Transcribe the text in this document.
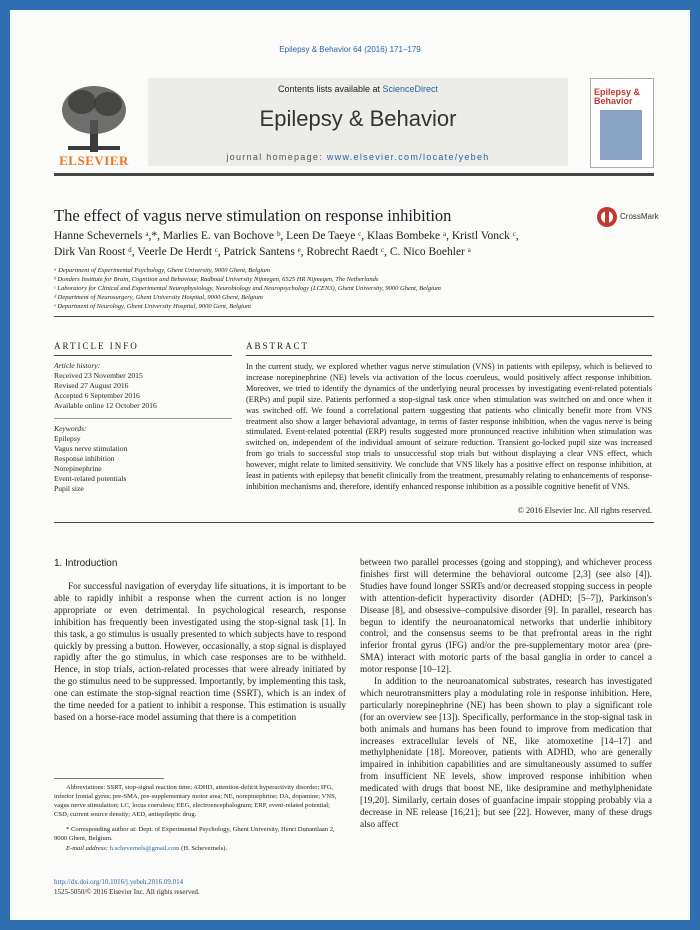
Epilepsy & Behavior 64 (2016) 171–179
ELSEVIER
Contents lists available at ScienceDirect
Epilepsy & Behavior
journal homepage: www.elsevier.com/locate/yebeh
Epilepsy & Behavior
The effect of vagus nerve stimulation on response inhibition	CrossMark
Hanne Schevernels ᵃ,*, Marlies E. van Bochove ᵇ, Leen De Taeye ᶜ, Klaas Bombeke ᵃ, Kristl Vonck ᶜ,
Dirk Van Roost ᵈ, Veerle De Herdt ᶜ, Patrick Santens ᵉ, Robrecht Raedt ᶜ, C. Nico Boehler ᵃ
ᵃ Department of Experimental Psychology, Ghent University, 9000 Ghent, Belgium
ᵇ Donders Institute for Brain, Cognition and Behaviour, Radboud University Nijmegen, 6525 HR Nijmegen, The Netherlands
ᶜ Laboratory for Clinical and Experimental Neurophysiology, Neurobiology and Neuropsychology (LCEN3), Ghent University, 9000 Ghent, Belgium
ᵈ Department of Neurosurgery, Ghent University Hospital, 9000 Ghent, Belgium
ᵉ Department of Neurology, Ghent University Hospital, 9000 Gent, Belgium
ARTICLE INFO
Article history:
Received 23 November 2015
Revised 27 August 2016
Accepted 6 September 2016
Available online 12 October 2016
Keywords:
Epilepsy
Vagus nerve stimulation
Response inhibition
Norepinephrine
Event-related potentials
Pupil size
ABSTRACT
In the current study, we explored whether vagus nerve stimulation (VNS) in patients with epilepsy, which is believed to increase norepinephrine (NE) levels via activation of the locus coeruleus, would positively affect response inhibition. Moreover, we tried to identify the dynamics of the underlying neural processes by investigating event-related potentials (ERPs) and pupil size. Patients performed a stop-signal task once when stimulation was switched on and once when it was switched off. We found a correlational pattern suggesting that patients who clinically benefit more from VNS treatment also show a larger behavioral advantage, in terms of faster response inhibition, when the vagus nerve is being stimulated. Event-related potential (ERP) results suggested more pronounced reactive inhibition when stimulation was switched on, independent of the individual amount of seizure reduction. Transient go-locked pupil size was increased from go trials to successful stop trials to unsuccessful stop trials but without displaying a clear VNS effect, which however, might relate to limited sensitivity. We conclude that VNS likely has a positive effect on response inhibition, at least in patients with epilepsy that benefit clinically from the treatment, presumably relating to enhancements of response-inhibition mechanisms and, therefore, identify enhanced response inhibition as a possible cognitive benefit of VNS.
© 2016 Elsevier Inc. All rights reserved.
1. Introduction
For successful navigation of everyday life situations, it is important to be able to rapidly inhibit a response when the current action is no longer appropriate or even detrimental. In psychological research, response inhibition has frequently been investigated using the stop-signal task [1]. In this task, a go stimulus is usually presented to which subjects have to respond quickly by pressing a button. However, occasionally, a stop signal is displayed rapidly after the go stimulus, in which case responses are to be withheld. Hence, in stop trials, action-related processes that were already initiated by the go stimulus need to be suppressed. Importantly, by implementing this task, one can estimate the stop-signal reaction time (SSRT), which is an index of the time needed for a patient to inhibit a response. This estimation is usually based on a horse-race model assuming that there is a competition
between two parallel processes (going and stopping), and whichever process finishes first will determine the behavioral outcome [2,3] (see also [4]). Studies have found longer SSRTs and/or decreased stopping success in people with attention-deficit hyperactivity disorder (ADHD; [5–7]), Parkinson's Disease [8], and obsessive–compulsive disorder [9]. In parallel, research has begun to identify the neuroanatomical networks that underlie inhibitory control, and the consensus seems to be that prefrontal areas in the right inferior frontal gyrus (IFG) and/or the pre-supplementary motor area (pre-SMA) interact with motoric parts of the basal ganglia in order to cancel a motor response [10–12].
In addition to the neuroanatomical substrates, research has investigated which neurotransmitters play a modulating role in response inhibition. Here, particularly norepinephrine (NE) has been shown to play a significant role (for an overview see [13]). Specifically, performance in the stop-signal task in both animals and humans has been found to improve from medication that increases extracellular levels of NE, like atomoxetine [14–17] and methylphenidate [18]. Moreover, patients with ADHD, who are generally impaired in inhibition capabilities and are simultaneously assumed to suffer from insufficient NE levels, show improved response inhibition when medicated with drugs that boost NE, like desipramine and methylphenidate [19,20]. Similarly, certain doses of guanfacine impair stopping probably via a decrease in NE release [16,21]; but see [22]. However, many of these drugs also affect
Abbreviations: SSRT, stop-signal reaction time; ADHD, attention-deficit hyperactivity disorder; IFG, inferior frontal gyrus; pre-SMA, pre-supplementary motor area; NE, norepinephrine; DA, dopamine; VNS, vagus nerve stimulation; LC, locus coeruleus; EEG, electroencephalogram; ERP, event-related potential; CSD, current source density; AED, antiepileptic drug.
* Corresponding author at: Dept. of Experimental Psychology, Ghent University, Henri Dunantlaan 2, 9000 Ghent, Belgium.
E-mail address: h.schevernels@gmail.com (H. Schevernels).
http://dx.doi.org/10.1016/j.yebeh.2016.09.014
1525-5050/© 2016 Elsevier Inc. All rights reserved.
